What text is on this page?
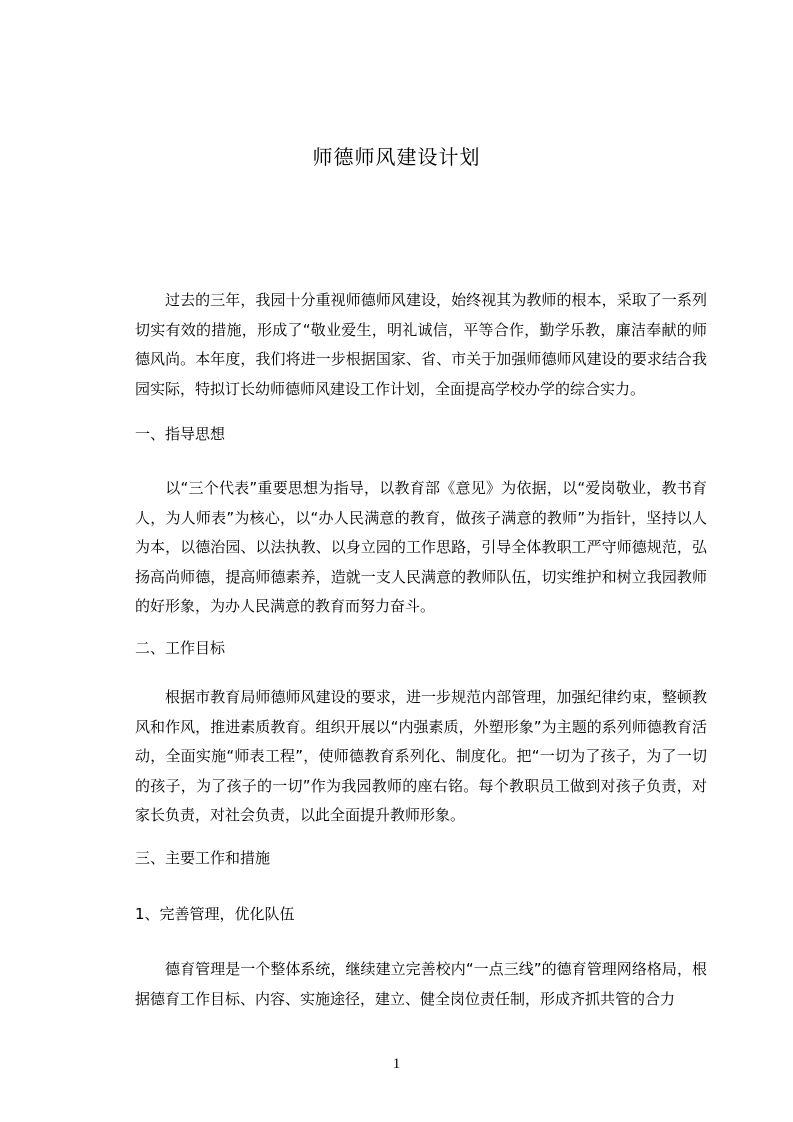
师德师风建设计划
过去的三年，我园十分重视师德师风建设，始终视其为教师的根本，采取了一系列切实有效的措施，形成了“敬业爱生，明礼诚信，平等合作，勤学乐教，廉洁奉献的师德风尚。本年度，我们将进一步根据国家、省、市关于加强师德师风建设的要求结合我园实际，特拟订长幼师德师风建设工作计划，全面提高学校办学的综合实力。
一、指导思想
以“三个代表”重要思想为指导，以教育部《意见》为依据，以“爱岗敬业，教书育人，为人师表”为核心，以“办人民满意的教育，做孩子满意的教师”为指针，坚持以人为本，以德治园、以法执教、以身立园的工作思路，引导全体教职工严守师德规范，弘扬高尚师德，提高师德素养，造就一支人民满意的教师队伍，切实维护和树立我园教师的好形象，为办人民满意的教育而努力奋斗。
二、工作目标
根据市教育局师德师风建设的要求，进一步规范内部管理，加强纪律约束，整顿教风和作风，推进素质教育。组织开展以“内强素质，外塑形象”为主题的系列师德教育活动，全面实施“师表工程”，使师德教育系列化、制度化。把“一切为了孩子，为了一切的孩子，为了孩子的一切”作为我园教师的座右铭。每个教职员工做到对孩子负责，对家长负责，对社会负责，以此全面提升教师形象。
三、主要工作和措施
1、完善管理，优化队伍
德育管理是一个整体系统，继续建立完善校内“一点三线”的德育管理网络格局，根据德育工作目标、内容、实施途径，建立、健全岗位责任制，形成齐抓共管的合力
1
